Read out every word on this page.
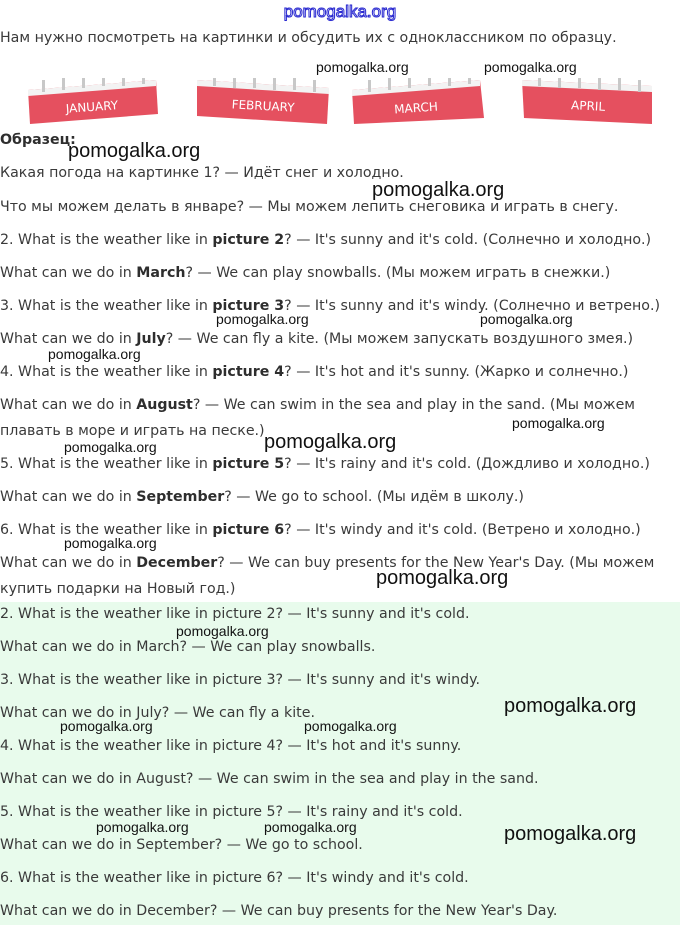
pomogalka.org
Нам нужно посмотреть на картинки и обсудить их с одноклассником по образцу.
JANUARY	FEBRUARY	MARCH	APRIL
Образец:
Какая погода на картинке 1? — Идёт снег и холодно.
Что мы можем делать в январе? — Мы можем лепить снеговика и играть в снегу.
2. What is the weather like in picture 2? — It's sunny and it's cold. (Солнечно и холодно.)
What can we do in March? — We can play snowballs. (Мы можем играть в снежки.)
3. What is the weather like in picture 3? — It's sunny and it's windy. (Солнечно и ветрено.)
What can we do in July? — We can fly a kite. (Мы можем запускать воздушного змея.)
4. What is the weather like in picture 4? — It's hot and it's sunny. (Жарко и солнечно.)
What can we do in August? — We can swim in the sea and play in the sand. (Мы можем
плавать в море и играть на песке.)
5. What is the weather like in picture 5? — It's rainy and it's cold. (Дождливо и холодно.)
What can we do in September? — We go to school. (Мы идём в школу.)
6. What is the weather like in picture 6? — It's windy and it's cold. (Ветрено и холодно.)
What can we do in December? — We can buy presents for the New Year's Day. (Мы можем
купить подарки на Новый год.)
2. What is the weather like in picture 2? — It's sunny and it's cold.
What can we do in March? — We can play snowballs.
3. What is the weather like in picture 3? — It's sunny and it's windy.
What can we do in July? — We can fly a kite.
4. What is the weather like in picture 4? — It's hot and it's sunny.
What can we do in August? — We can swim in the sea and play in the sand.
5. What is the weather like in picture 5? — It's rainy and it's cold.
What can we do in September? — We go to school.
6. What is the weather like in picture 6? — It's windy and it's cold.
What can we do in December? — We can buy presents for the New Year's Day.
pomogalka.org	pomogalka.org
pomogalka.org
pomogalka.org
pomogalka.org	pomogalka.org
pomogalka.org
pomogalka.org
pomogalka.org
pomogalka.org
pomogalka.org
pomogalka.org
pomogalka.org
pomogalka.org
pomogalka.org	pomogalka.org
pomogalka.org	pomogalka.org	pomogalka.org
